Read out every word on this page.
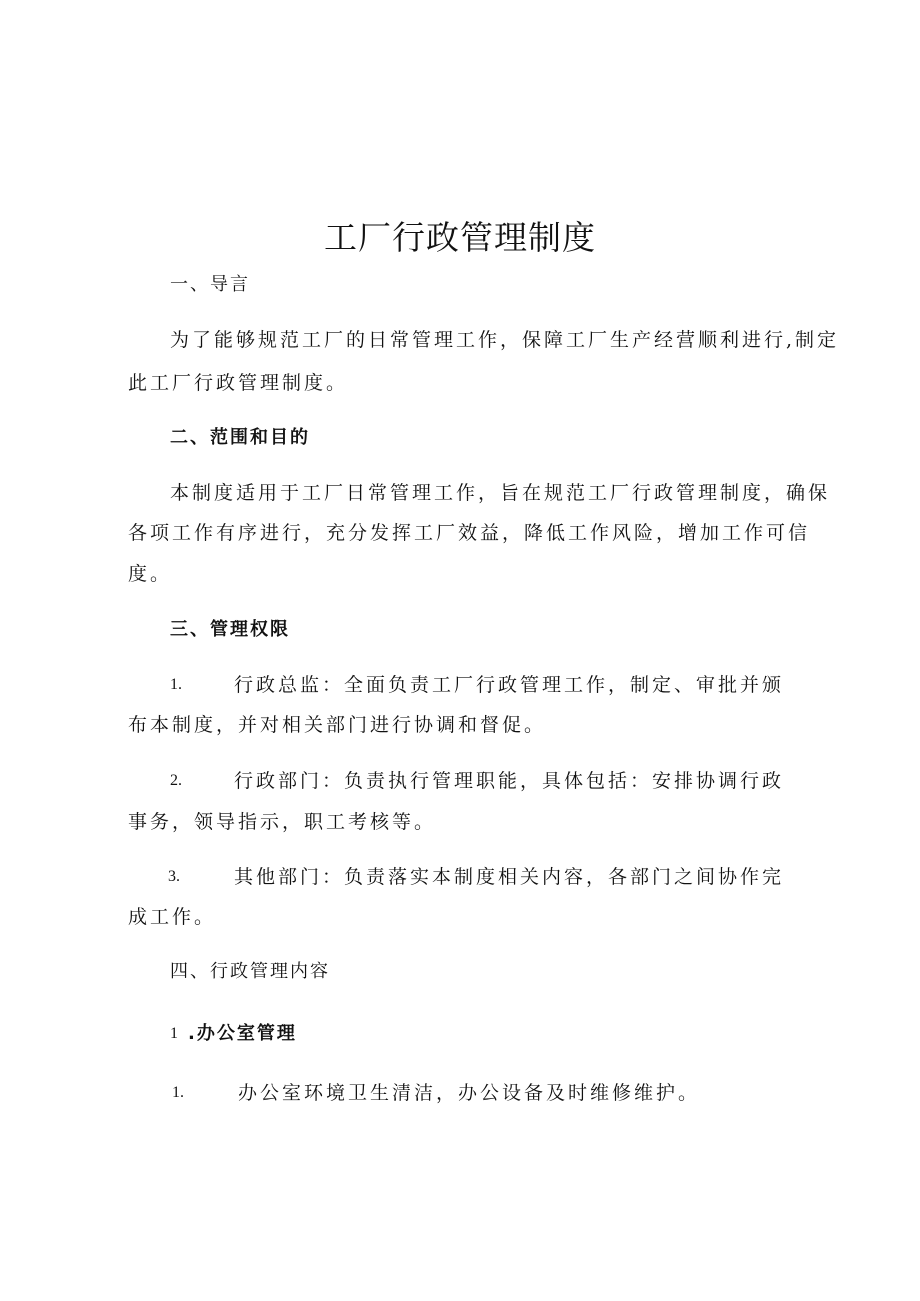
工厂行政管理制度
一、导言
为了能够规范工厂的日常管理工作，保障工厂生产经营顺利进行,制定
此工厂行政管理制度。
二、范围和目的
本制度适用于工厂日常管理工作，旨在规范工厂行政管理制度，确保
各项工作有序进行，充分发挥工厂效益，降低工作风险，增加工作可信
度。
三、管理权限
1.	行政总监：全面负责工厂行政管理工作，制定、审批并颁
布本制度，并对相关部门进行协调和督促。
2.	行政部门：负责执行管理职能，具体包括：安排协调行政
事务，领导指示，职工考核等。
3.	其他部门：负责落实本制度相关内容，各部门之间协作完
成工作。
四、行政管理内容
1 .办公室管理
1.	办公室环境卫生清洁，办公设备及时维修维护。
